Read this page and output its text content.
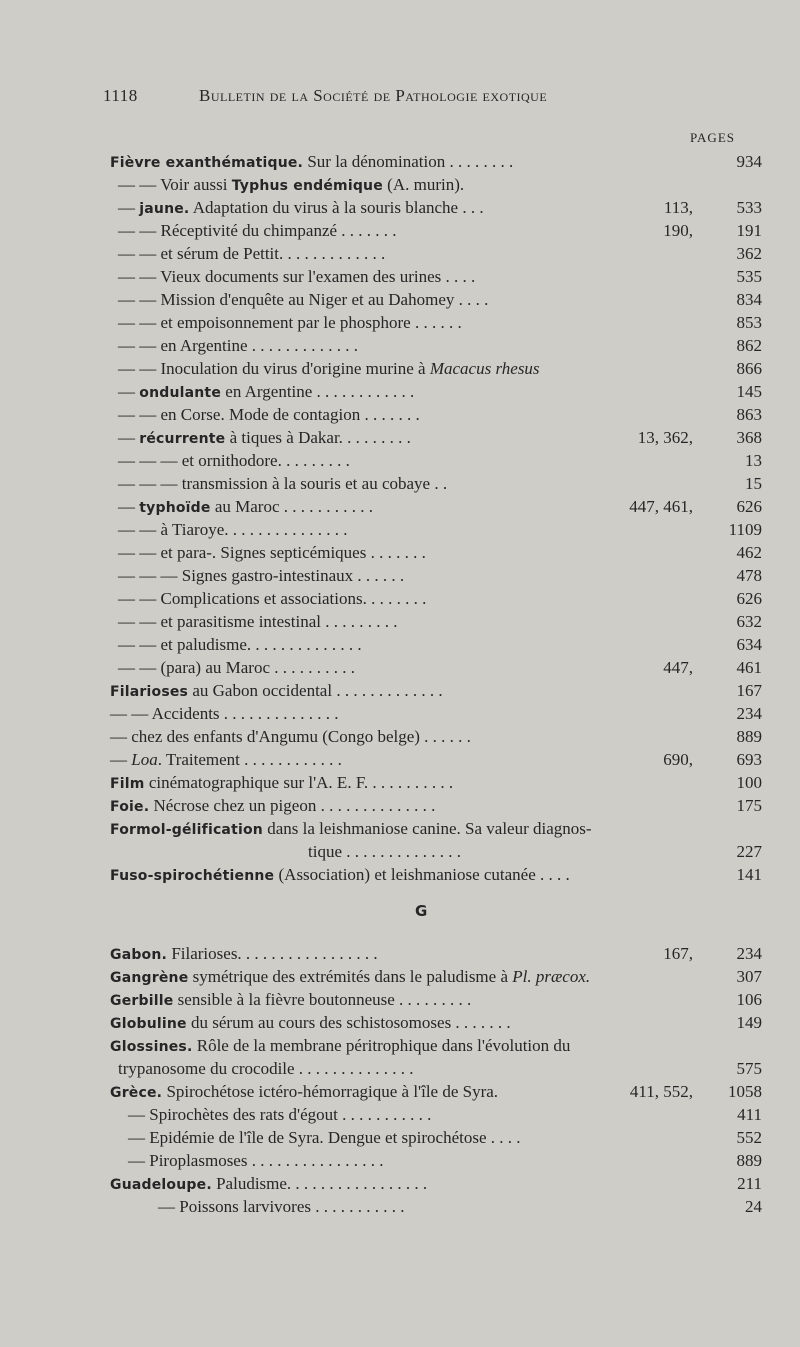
1118	Bulletin de la Société de Pathologie exotique
PAGES
Fièvre exanthématique. Sur la dénomination . . . . . . . .	934
— — Voir aussi Typhus endémique (A. murin).
— jaune. Adaptation du virus à la souris blanche . . .	113,	533
— — Réceptivité du chimpanzé . . . . . . .	190,	191
— — et sérum de Pettit. . . . . . . . . . . . .	362
— — Vieux documents sur l'examen des urines . . . .	535
— — Mission d'enquête au Niger et au Dahomey . . . .	834
— — et empoisonnement par le phosphore . . . . . .	853
— — en Argentine . . . . . . . . . . . . .	862
— — Inoculation du virus d'origine murine à Macacus rhesus	866
— ondulante en Argentine . . . . . . . . . . . .	145
— — en Corse. Mode de contagion . . . . . . .	863
— récurrente à tiques à Dakar. . . . . . . . .	13, 362,	368
— — — et ornithodore. . . . . . . . .	13
— — — transmission à la souris et au cobaye . .	15
— typhoïde au Maroc . . . . . . . . . . .	447, 461,	626
— — à Tiaroye. . . . . . . . . . . . . . .	1109
— — et para-. Signes septicémiques . . . . . . .	462
— — — Signes gastro-intestinaux . . . . . .	478
— — Complications et associations. . . . . . . .	626
— — et parasitisme intestinal . . . . . . . . .	632
— — et paludisme. . . . . . . . . . . . . .	634
— — (para) au Maroc . . . . . . . . . .	447,	461
Filarioses au Gabon occidental . . . . . . . . . . . . .	167
— — Accidents . . . . . . . . . . . . . .	234
— chez des enfants d'Angumu (Congo belge) . . . . . .	889
— Loa. Traitement . . . . . . . . . . . .	690,	693
Film cinématographique sur l'A. E. F. . . . . . . . . . .	100
Foie. Nécrose chez un pigeon . . . . . . . . . . . . . .	175
Formol-gélification dans la leishmaniose canine. Sa valeur diagnos-
tique . . . . . . . . . . . . . .	227
Fuso-spirochétienne (Association) et leishmaniose cutanée . . . .	141
G
Gabon. Filarioses. . . . . . . . . . . . . . . . .	167,	234
Gangrène symétrique des extrémités dans le paludisme à Pl. præcox.	307
Gerbille sensible à la fièvre boutonneuse . . . . . . . . .	106
Globuline du sérum au cours des schistosomoses . . . . . . .	149
Glossines. Rôle de la membrane péritrophique dans l'évolution du
trypanosome du crocodile . . . . . . . . . . . . . .	575
Grèce. Spirochétose ictéro-hémorragique à l'île de Syra.	411, 552,	1058
— Spirochètes des rats d'égout . . . . . . . . . . .	411
— Epidémie de l'île de Syra. Dengue et spirochétose . . . .	552
— Piroplasmoses . . . . . . . . . . . . . . . .	889
Guadeloupe. Paludisme. . . . . . . . . . . . . . . . .	211
— Poissons larvivores . . . . . . . . . . .	24
